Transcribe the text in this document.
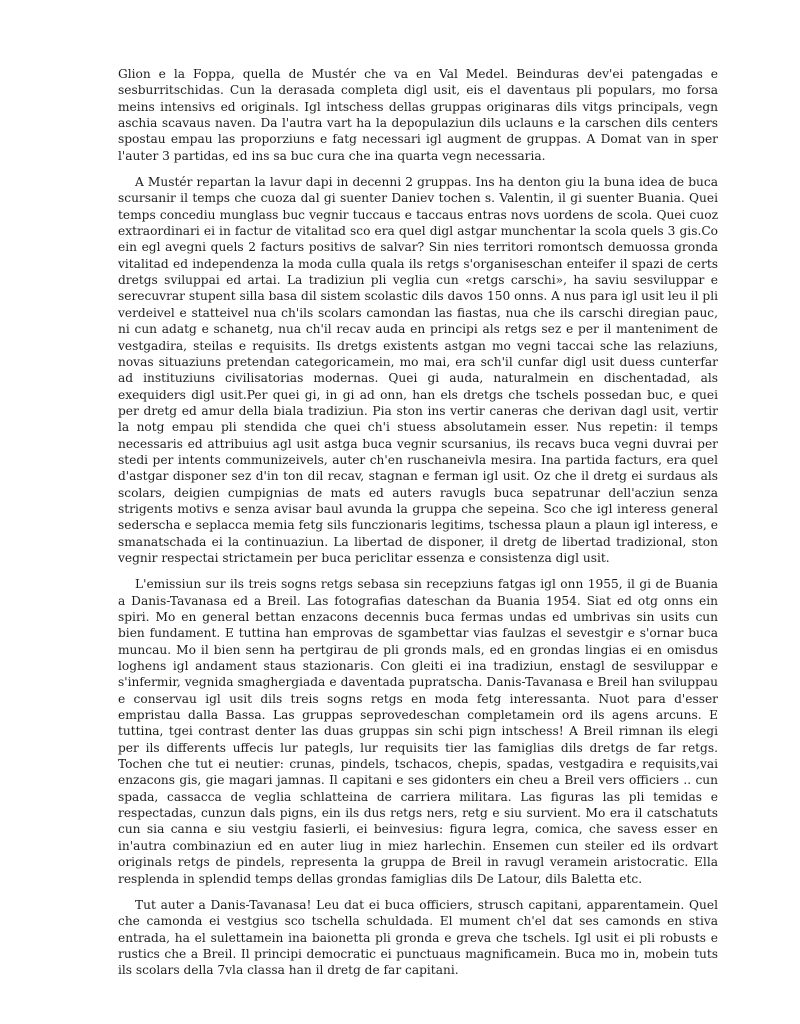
Glion e la Foppa, quella de Mustér che va en Val Medel. Beinduras dev'ei patengadas e sesburritschidas. Cun la derasada completa digl usit, eis el daventaus pli populars, mo forsa meins intensivs ed originals. Igl intschess dellas gruppas originaras dils vitgs principals, vegn aschia scavaus naven. Da l'autra vart ha la depopulaziun dils uclauns e la carschen dils centers spostau empau las proporziuns e fatg necessari igl augment de gruppas. A Domat van in sper l'auter 3 partidas, ed ins sa buc cura che ina quarta vegn necessaria.

A Mustér repartan la lavur dapi in decenni 2 gruppas. Ins ha denton giu la buna idea de buca scursanir il temps che cuoza dal gi suenter Daniev tochen s. Valentin, il gi suenter Buania. Quei temps concediu munglass buc vegnir tuccaus e taccaus entras novs uordens de scola. Quei cuoz extraordinari ei in factur de vitalitad sco era quel digl astgar munchentar la scola quels 3 gis.Co ein egl avegni quels 2 facturs positivs de salvar? Sin nies territori romontsch demuossa gronda vitalitad ed independenza la moda culla quala ils retgs s'organiseschan enteifer il spazi de certs dretgs sviluppai ed artai. La tradiziun pli veglia cun «retgs carschi», ha saviu sesviluppar e serecuvrar stupent silla basa dil sistem scolastic dils davos 150 onns. A nus para igl usit leu il pli verdeivel e statteivel nua ch'ils scolars camondan las fiastas, nua che ils carschi diregian pauc, ni cun adatg e schanetg, nua ch'il recav auda en principi als retgs sez e per il manteniment de vestgadira, steilas e requisits. Ils dretgs existents astgan mo vegni taccai sche las relaziuns, novas situaziuns pretendan categoricamein, mo mai, era sch'il cunfar digl usit duess cunterfar ad instituziuns civilisatorias modernas. Quei gi auda, naturalmein en dischentadad, als exequiders digl usit.Per quei gi, in gi ad onn, han els dretgs che tschels possedan buc, e quei per dretg ed amur della biala tradiziun. Pia ston ins vertir caneras che derivan dagl usit, vertir la notg empau pli stendida che quei ch'i stuess absolutamein esser. Nus repetin: il temps necessaris ed attribuius agl usit astga buca vegnir scursanius, ils recavs buca vegni duvrai per stedi per intents communizeivels, auter ch'en ruschaneivla mesira. Ina partida facturs, era quel d'astgar disponer sez d'in ton dil recav, stagnan e ferman igl usit. Oz che il dretg ei surdaus als scolars, deigien cumpignias de mats ed auters ravugls buca sepatrunar dell'acziun senza strigents motivs e senza avisar baul avunda la gruppa che sepeina. Sco che igl interess general sederscha e seplacca memia fetg sils funczionaris legitims, tschessa plaun a plaun igl interess, e smanatschada ei la continuaziun. La libertad de disponer, il dretg de libertad tradizional, ston vegnir respectai strictamein per buca periclitar essenza e consistenza digl usit.

L'emissiun sur ils treis sogns retgs sebasa sin recepziuns fatgas igl onn 1955, il gi de Buania a Danis-Tavanasa ed a Breil. Las fotografias dateschan da Buania 1954. Siat ed otg onns ein spiri. Mo en general bettan enzacons decennis buca fermas undas ed umbrivas sin usits cun bien fundament. E tuttina han emprovas de sgambettar vias faulzas el sevestgir e s'ornar buca muncau. Mo il bien senn ha pertgirau de pli gronds mals, ed en grondas lingias ei en omisdus loghens igl andament staus stazionaris. Con gleiti ei ina tradiziun, enstagl de sesviluppar e s'infermir, vegnida smaghergiada e daventada pupratscha. Danis-Tavanasa e Breil han sviluppau e conservau igl usit dils treis sogns retgs en moda fetg interessanta. Nuot para d'esser empristau dalla Bassa. Las gruppas seprovedeschan completamein ord ils agens arcuns. E tuttina, tgei contrast denter las duas gruppas sin schi pign intschess! A Breil rimnan ils elegi per ils differents uffecis lur pategls, lur requisits tier las famiglias dils dretgs de far retgs. Tochen che tut ei neutier: crunas, pindels, tschacos, chepis, spadas, vestgadira e requisits,vai enzacons gis, gie magari jamnas. Il capitani e ses gidonters ein cheu a Breil vers officiers .. cun spada, cassacca de veglia schlatteina de carriera militara. Las figuras las pli temidas e respectadas, cunzun dals pigns, ein ils dus retgs ners, retg e siu survient. Mo era il catschatuts cun sia canna e siu vestgiu fasierli, ei beinvesius: figura legra, comica, che savess esser en in'autra combinaziun ed en auter liug in miez harlechin. Ensemen cun steiler ed ils ordvart originals retgs de pindels, representa la gruppa de Breil in ravugl veramein aristocratic. Ella resplenda in splendid temps dellas grondas famiglias dils De Latour, dils Baletta etc.

Tut auter a Danis-Tavanasa! Leu dat ei buca officiers, strusch capitani, apparentamein. Quel che camonda ei vestgius sco tschella schuldada. El mument ch'el dat ses camonds en stiva entrada, ha el sulettamein ina baionetta pli gronda e greva che tschels. Igl usit ei pli robusts e rustics che a Breil. Il principi democratic ei punctuaus magnificamein. Buca mo in, mobein tuts ils scolars della 7vla classa han il dretg de far capitani.
